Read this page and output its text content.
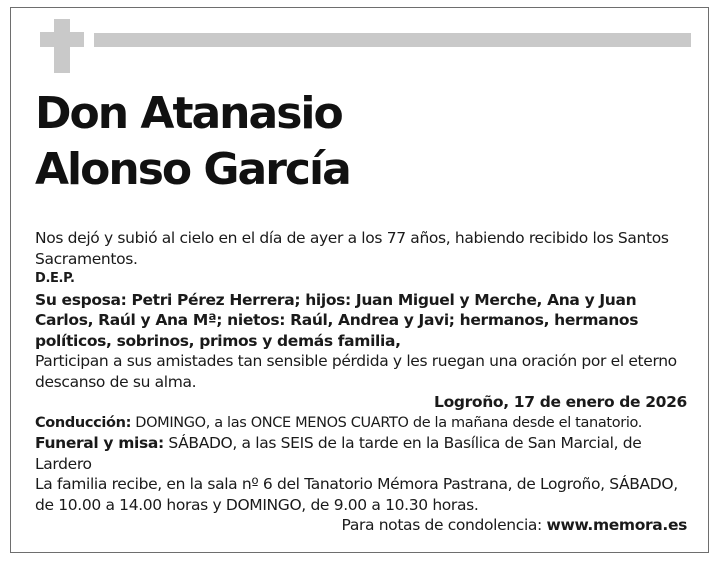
Don Atanasio
Alonso García

Nos dejó y subió al cielo en el día de ayer a los 77 años, habiendo recibido los Santos Sacramentos.

D.E.P.

Su esposa: Petri Pérez Herrera; hijos: Juan Miguel y Merche, Ana y Juan Carlos, Raúl y Ana Mª; nietos: Raúl, Andrea y Javi; hermanos, hermanos políticos, sobrinos, primos y demás familia,

Participan a sus amistades tan sensible pérdida y les ruegan una oración por el eterno descanso de su alma.

Logroño, 17 de enero de 2026

Conducción: DOMINGO, a las ONCE MENOS CUARTO de la mañana desde el tanatorio.

Funeral y misa: SÁBADO, a las SEIS de la tarde en la Basílica de San Marcial, de Lardero

La familia recibe, en la sala nº 6 del Tanatorio Mémora Pastrana, de Logroño, SÁBADO, de 10.00 a 14.00 horas y DOMINGO, de 9.00 a 10.30 horas.

Para notas de condolencia: www.memora.es
